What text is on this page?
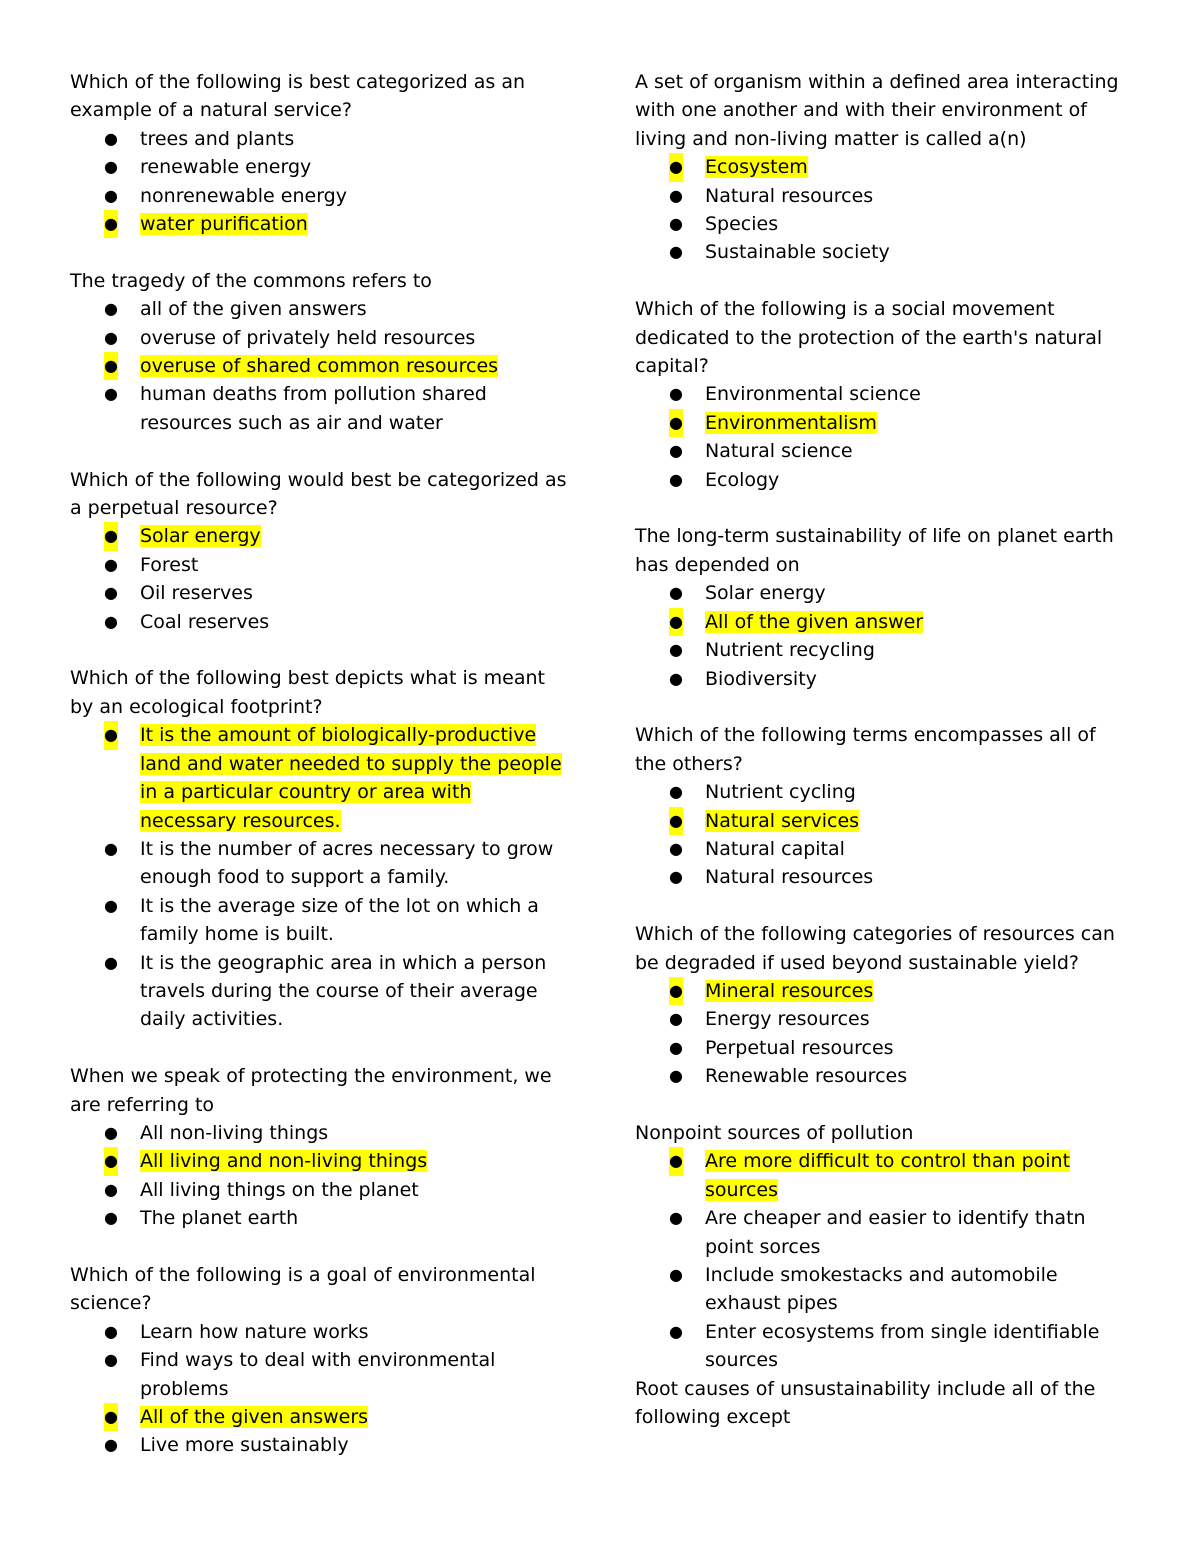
Which of the following is best categorized as an example of a natural service?

● trees and plants
● renewable energy
● nonrenewable energy
● water purification

The tragedy of the commons refers to

● all of the given answers
● overuse of privately held resources
● overuse of shared common resources
● human deaths from pollution shared resources such as air and water

Which of the following would best be categorized as a perpetual resource?

● Solar energy
● Forest
● Oil reserves
● Coal reserves

Which of the following best depicts what is meant by an ecological footprint?

● It is the amount of biologically-productive land and water needed to supply the people in a particular country or area with necessary resources.
● It is the number of acres necessary to grow enough food to support a family.
● It is the average size of the lot on which a family home is built.
● It is the geographic area in which a person travels during the course of their average daily activities.

When we speak of protecting the environment, we are referring to

● All non-living things
● All living and non-living things
● All living things on the planet
● The planet earth

Which of the following is a goal of environmental science?

● Learn how nature works
● Find ways to deal with environmental problems
● All of the given answers
● Live more sustainably

A set of organism within a defined area interacting with one another and with their environment of living and non-living matter is called a(n)

● Ecosystem
● Natural resources
● Species
● Sustainable society

Which of the following is a social movement dedicated to the protection of the earth's natural capital?

● Environmental science
● Environmentalism
● Natural science
● Ecology

The long-term sustainability of life on planet earth has depended on

● Solar energy
● All of the given answer
● Nutrient recycling
● Biodiversity

Which of the following terms encompasses all of the others?

● Nutrient cycling
● Natural services
● Natural capital
● Natural resources

Which of the following categories of resources can be degraded if used beyond sustainable yield?

● Mineral resources
● Energy resources
● Perpetual resources
● Renewable resources

Nonpoint sources of pollution

● Are more difficult to control than point sources
● Are cheaper and easier to identify thatn point sorces
● Include smokestacks and automobile exhaust pipes
● Enter ecosystems from single identifiable sources

Root causes of unsustainability include all of the following except
